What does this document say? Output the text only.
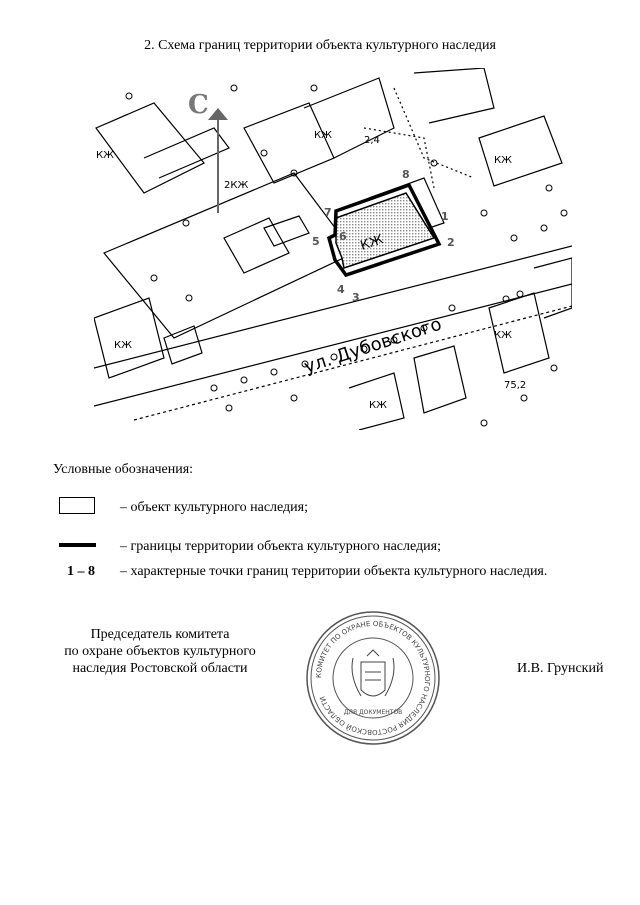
2. Схема границ территории объекта культурного наследия
С
ул. Дубовского
КЖ
1
2
3
4
5 6
7
8
2,4
75,2
КЖ	КЖ
КЖ
2КЖ
КЖ
КЖ
КЖ
Условные обозначения:
– объект культурного наследия;
– границы территории объекта культурного наследия;
1 – 8 – характерные точки границ территории объекта культурного наследия.
Председатель комитета
по охране объектов культурного
наследия Ростовской области	КОМИТЕТ ПО ОХРАНЕ ОБЪЕКТОВ КУЛЬТУРНОГО НАСЛЕДИЯ РОСТОВСКОЙ ОБЛАСТИ
ДЛЯ ДОКУМЕНТОВ
И.В. Грунский
